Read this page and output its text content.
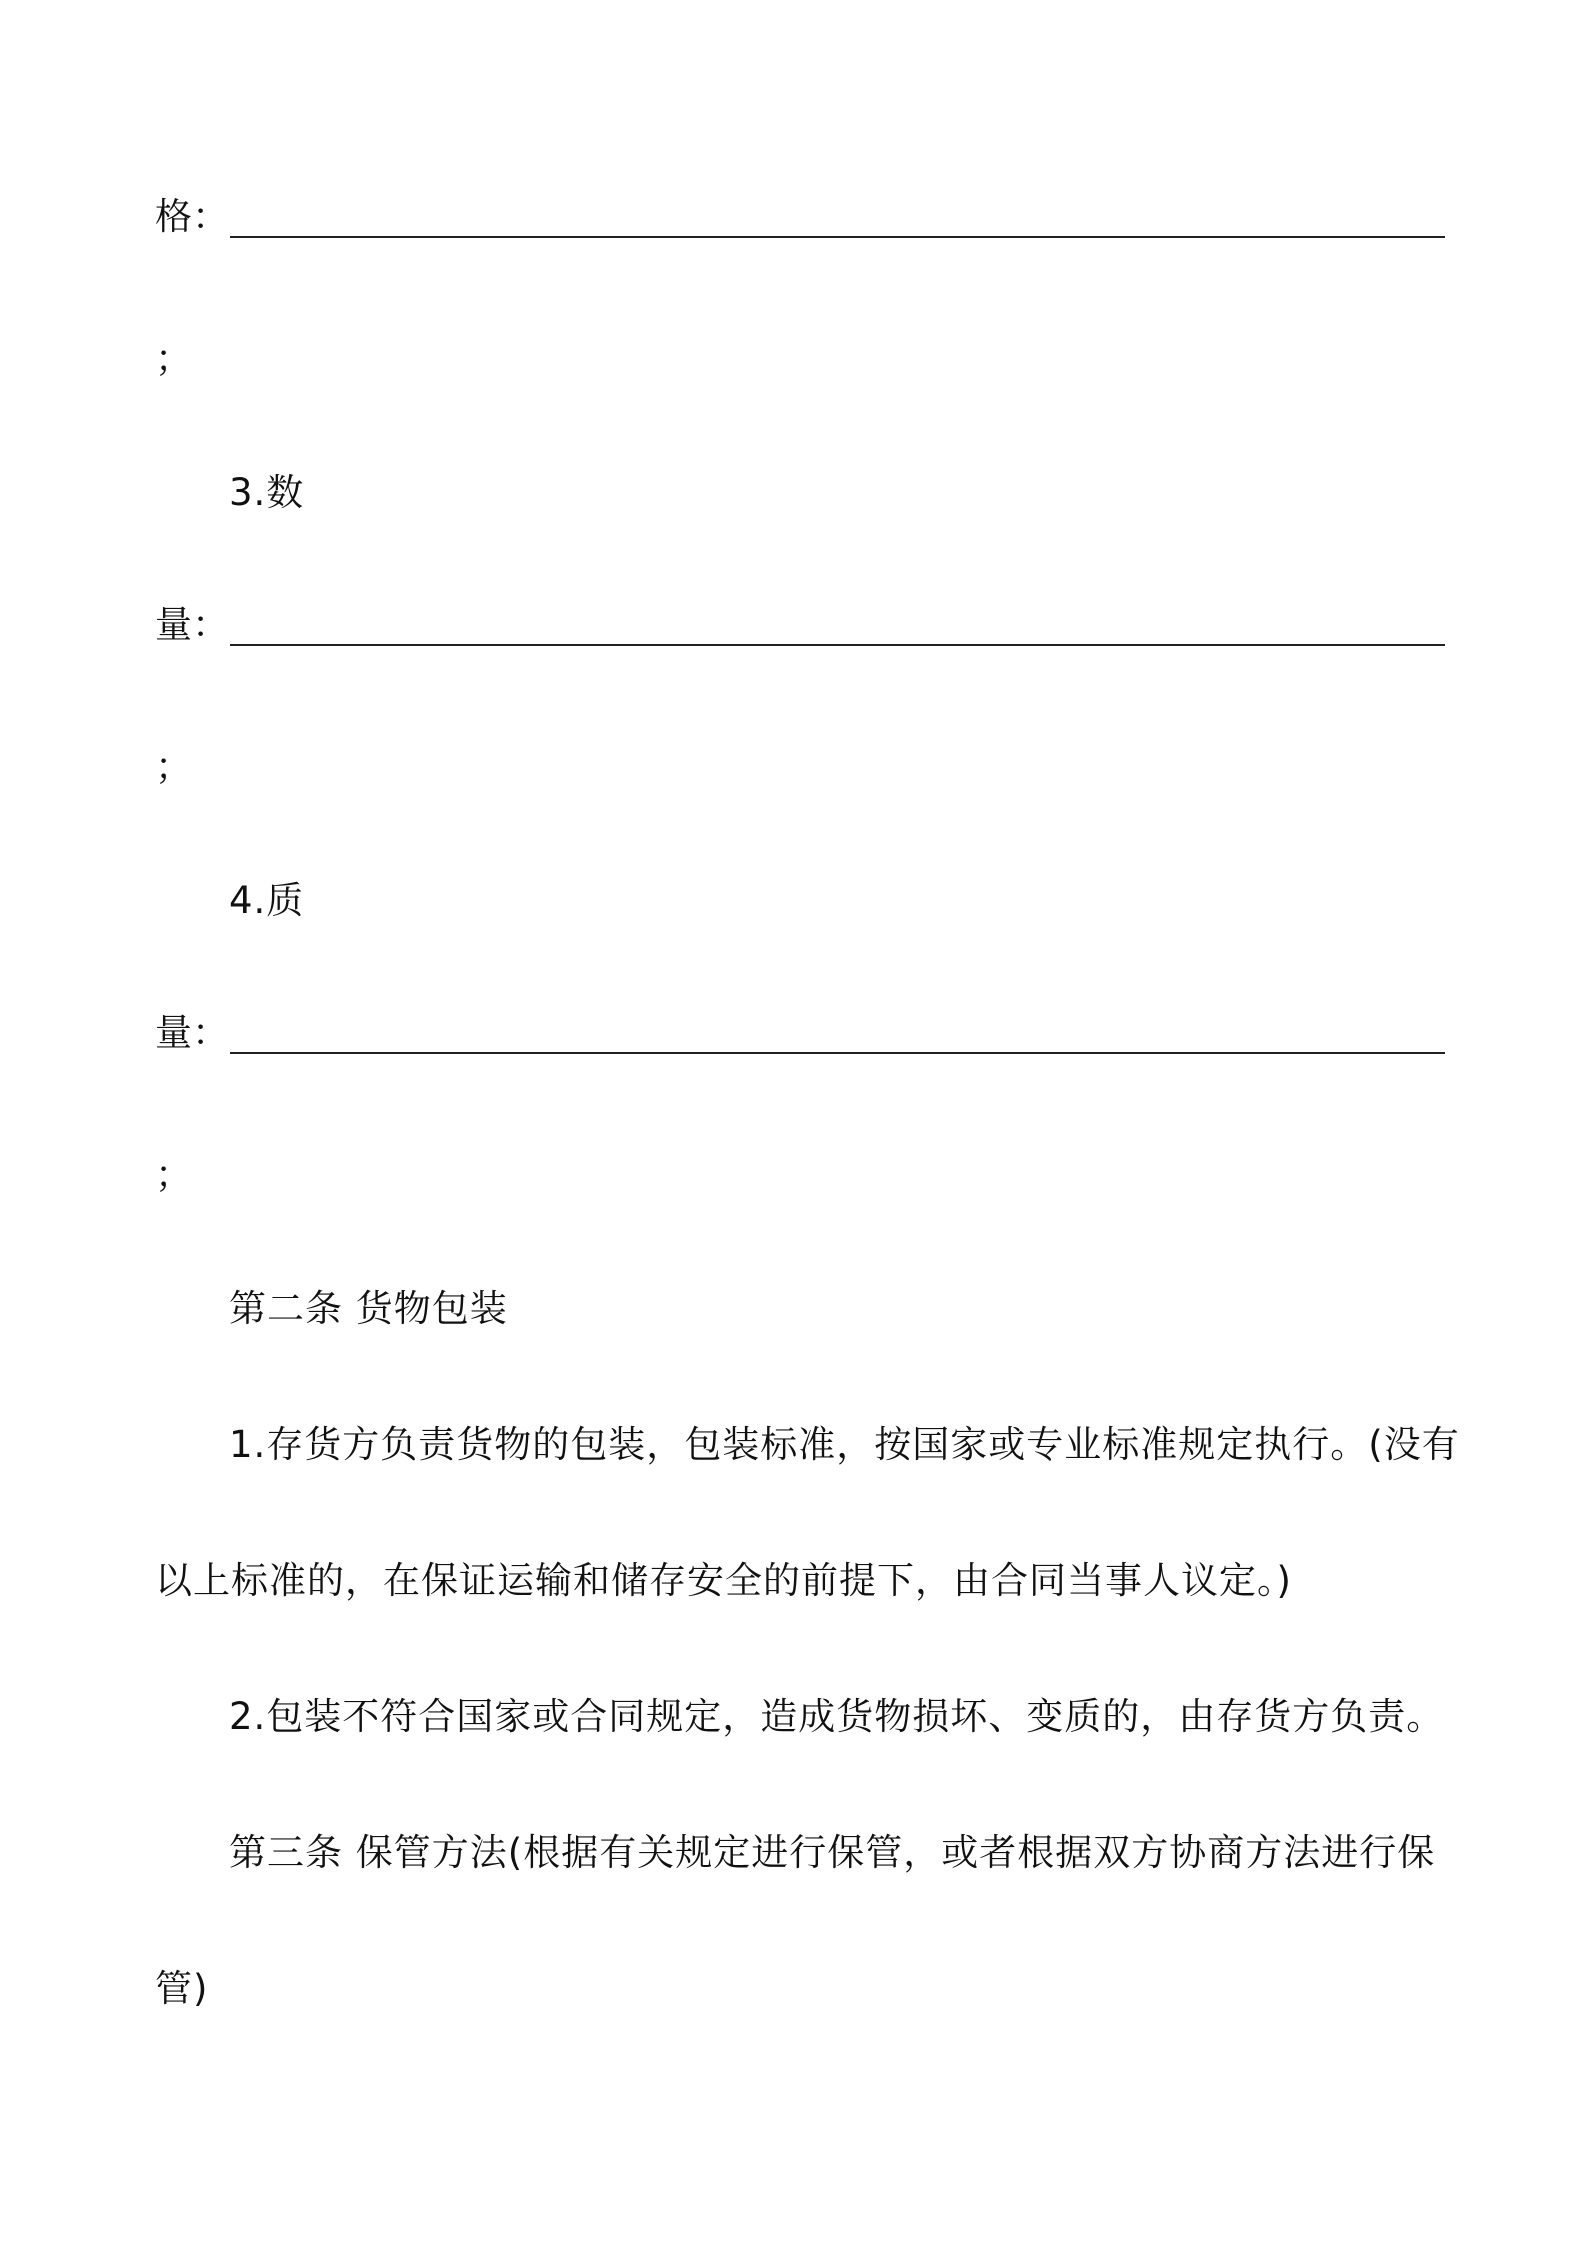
格：
；
3.数
量：
；
4.质
量：
；
第二条 货物包装
1.存货方负责货物的包装，包装标准，按国家或专业标准规定执行。(没有
以上标准的，在保证运输和储存安全的前提下，由合同当事人议定。)
2.包装不符合国家或合同规定，造成货物损坏、变质的，由存货方负责。
第三条 保管方法(根据有关规定进行保管，或者根据双方协商方法进行保
管)
